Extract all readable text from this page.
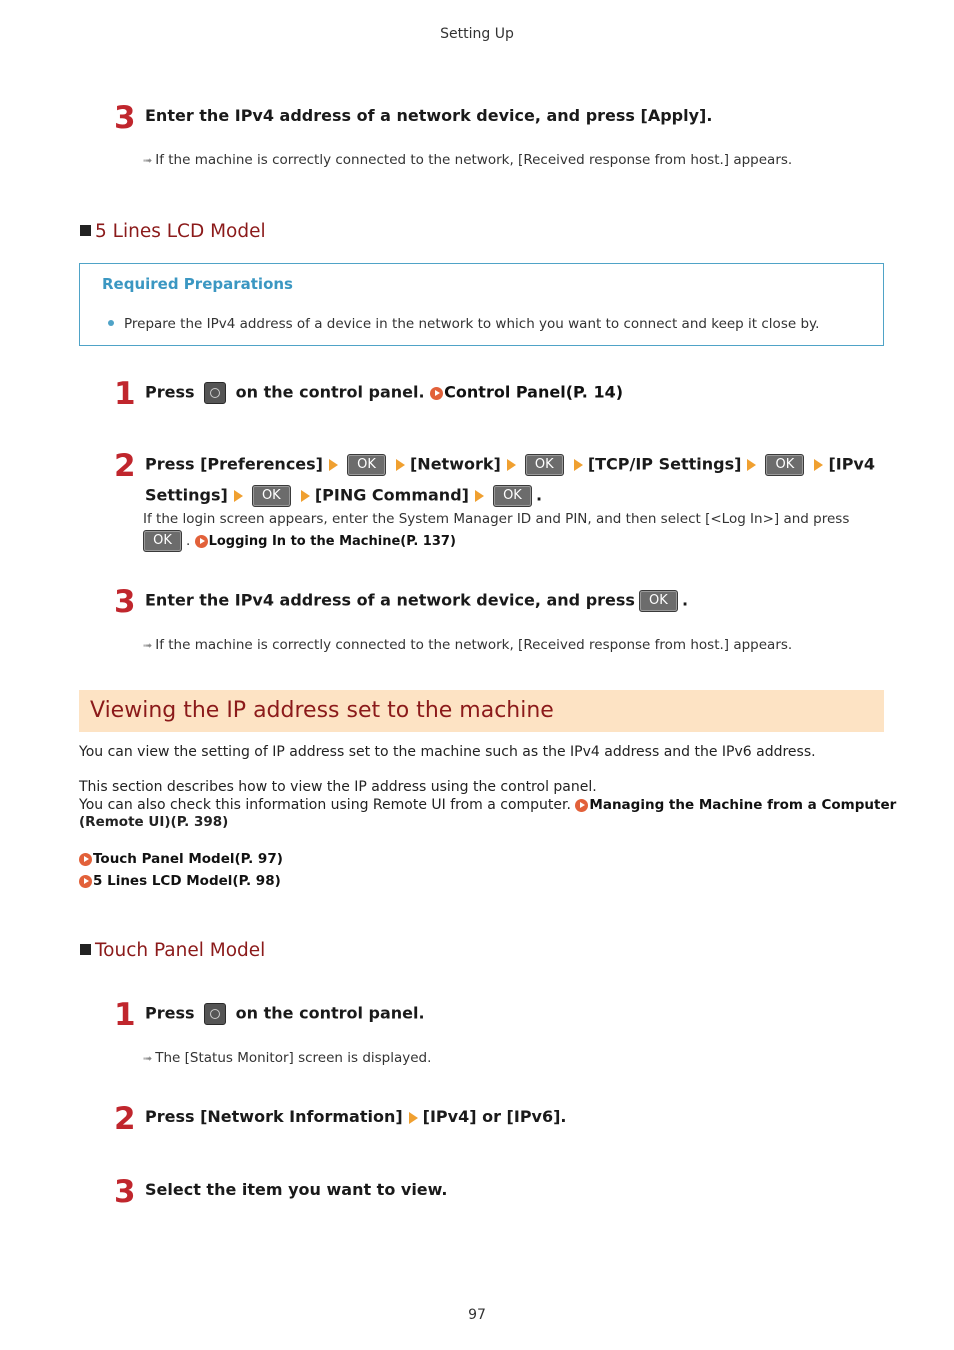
Setting Up
3 Enter the IPv4 address of a network device, and press [Apply].
➟ If the machine is correctly connected to the network, [Received response from host.] appears.
5 Lines LCD Model
Required Preparations
Prepare the IPv4 address of a device in the network to which you want to connect and keep it close by.
1 Press	on the control panel. Control Panel(P. 14)
2 Press [Preferences]	OK [Network]	OK [TCP/IP Settings]	OK [IPv4
Settings]	OK [PING Command]	OK .
If the login screen appears, enter the System Manager ID and PIN, and then select [<Log In>] and press
OK . Logging In to the Machine(P. 137)
3 Enter the IPv4 address of a network device, and press OK .
➟ If the machine is correctly connected to the network, [Received response from host.] appears.
Viewing the IP address set to the machine
You can view the setting of IP address set to the machine such as the IPv4 address and the IPv6 address.
This section describes how to view the IP address using the control panel.
You can also check this information using Remote UI from a computer. Managing the Machine from a Computer
(Remote UI)(P. 398)
Touch Panel Model(P. 97)
5 Lines LCD Model(P. 98)
Touch Panel Model
1 Press	on the control panel.
➟ The [Status Monitor] screen is displayed.
2 Press [Network Information] [IPv4] or [IPv6].
3 Select the item you want to view.
97
